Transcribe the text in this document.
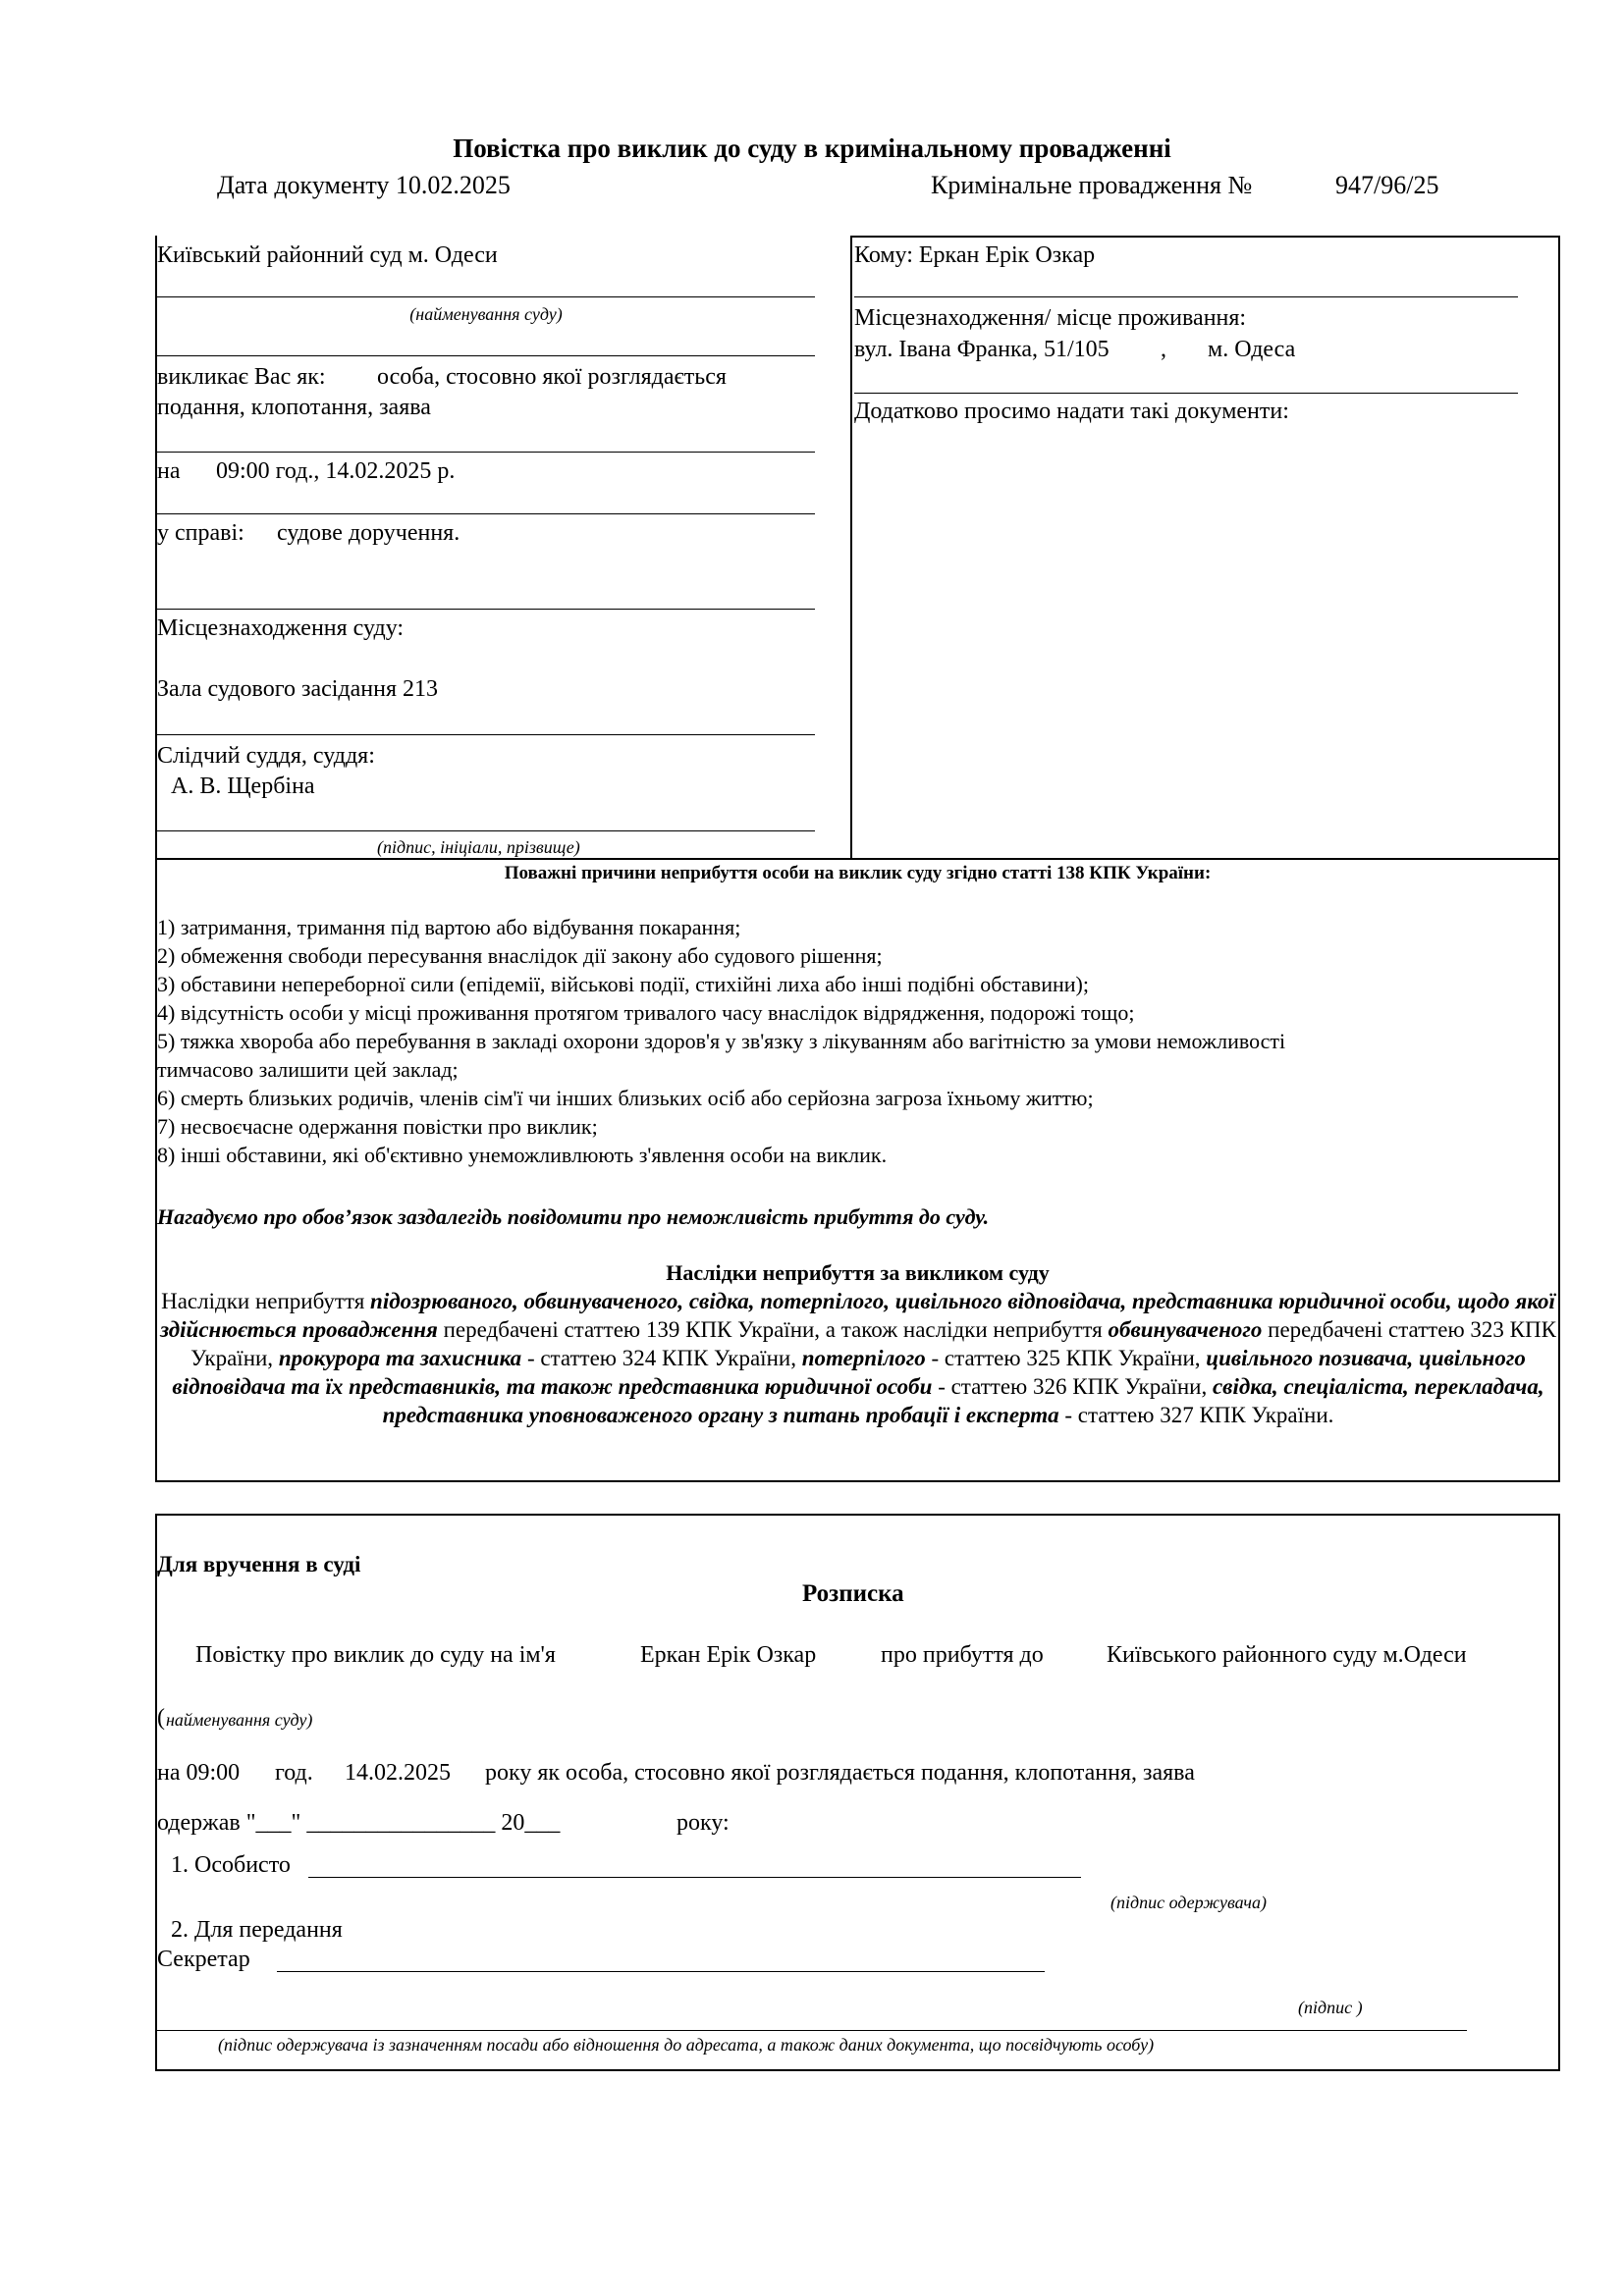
Повістка про виклик до суду в кримінальному провадженні
Дата документу 10.02.2025	Кримінальне провадження №	947/96/25
Київський районний суд м. Одеси
(найменування суду)
викликає Вас як: особа, стосовно якої розглядається
подання, клопотання, заява
на 09:00 год., 14.02.2025 р.
у справі: судове доручення.
Місцезнаходження суду:
Зала судового засідання 213
Слідчий суддя, суддя:
А. В. Щербіна
(підпис, ініціали, прізвище)
Кому: Еркан Ерік Озкар
Місцезнаходження/ місце проживання:
вул. Івана Франка, 51/105 , м. Одеса
Додатково просимо надати такі документи:
Поважні причини неприбуття особи на виклик суду згідно статті 138 КПК України:
1) затримання, тримання під вартою або відбування покарання;
2) обмеження свободи пересування внаслідок дії закону або судового рішення;
3) обставини непереборної сили (епідемії, військові події, стихійні лиха або інші подібні обставини);
4) відсутність особи у місці проживання протягом тривалого часу внаслідок відрядження, подорожі тощо;
5) тяжка хвороба або перебування в закладі охорони здоров'я у зв'язку з лікуванням або вагітністю за умови неможливості
тимчасово залишити цей заклад;
6) смерть близьких родичів, членів сім'ї чи інших близьких осіб або серйозна загроза їхньому життю;
7) несвоєчасне одержання повістки про виклик;
8) інші обставини, які об'єктивно унеможливлюють з'явлення особи на виклик.
Нагадуємо про обов’язок заздалегідь повідомити про неможливість прибуття до суду.
Наслідки неприбуття за викликом суду
Наслідки неприбуття підозрюваного, обвинуваченого, свідка, потерпілого, цивільного відповідача, представника юридичної особи, щодо якої здійснюється провадження передбачені статтею 139 КПК України, а також наслідки неприбуття обвинуваченого передбачені статтею 323 КПК України, прокурора та захисника - статтею 324 КПК України, потерпілого - статтею 325 КПК України, цивільного позивача, цивільного відповідача та їх представників, та також представника юридичної особи - статтею 326 КПК України, свідка, спеціаліста, перекладача, представника уповноваженого органу з питань пробації і експерта - статтею 327 КПК України.
Для вручення в суді
Розписка
Повістку про виклик до суду на ім'я	Еркан Ерік Озкар	про прибуття до	Київського районного суду м.Одеси
( найменування суду)
на 09:00 год. 14.02.2025 року як особа, стосовно якої розглядається подання, клопотання, заява
одержав "___" ________________ 20___	року:
1. Особисто
(підпис одержувача)
2. Для передання
Секретар
(підпис )
(підпис одержувача із зазначенням посади або відношення до адресата, а також даних документа, що посвідчують особу)
